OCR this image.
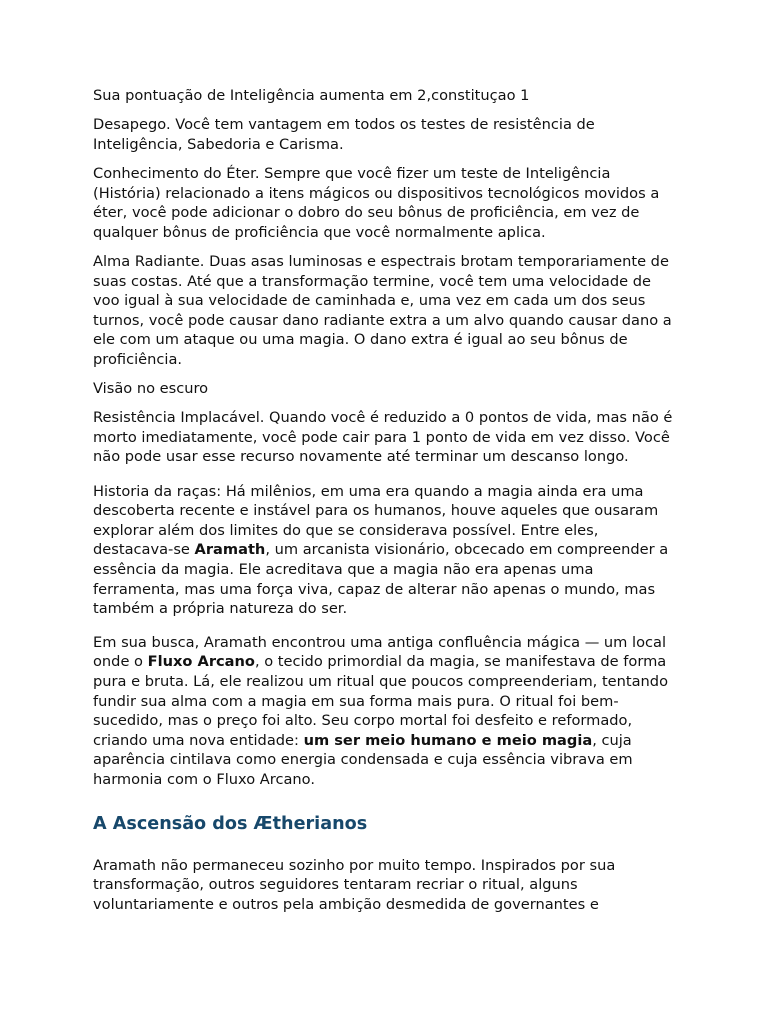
Sua pontuação de Inteligência aumenta em 2,constituçao 1

Desapego. Você tem vantagem em todos os testes de resistência de Inteligência, Sabedoria e Carisma.

Conhecimento do Éter. Sempre que você fizer um teste de Inteligência (História) relacionado a itens mágicos ou dispositivos tecnológicos movidos a éter, você pode adicionar o dobro do seu bônus de proficiência, em vez de qualquer bônus de proficiência que você normalmente aplica.

Alma Radiante. Duas asas luminosas e espectrais brotam temporariamente de suas costas. Até que a transformação termine, você tem uma velocidade de voo igual à sua velocidade de caminhada e, uma vez em cada um dos seus turnos, você pode causar dano radiante extra a um alvo quando causar dano a ele com um ataque ou uma magia. O dano extra é igual ao seu bônus de proficiência.

Visão no escuro

Resistência Implacável. Quando você é reduzido a 0 pontos de vida, mas não é morto imediatamente, você pode cair para 1 ponto de vida em vez disso. Você não pode usar esse recurso novamente até terminar um descanso longo.

Historia da raças: Há milênios, em uma era quando a magia ainda era uma descoberta recente e instável para os humanos, houve aqueles que ousaram explorar além dos limites do que se considerava possível. Entre eles, destacava-se Aramath, um arcanista visionário, obcecado em compreender a essência da magia. Ele acreditava que a magia não era apenas uma ferramenta, mas uma força viva, capaz de alterar não apenas o mundo, mas também a própria natureza do ser.

Em sua busca, Aramath encontrou uma antiga confluência mágica — um local onde o Fluxo Arcano, o tecido primordial da magia, se manifestava de forma pura e bruta. Lá, ele realizou um ritual que poucos compreenderiam, tentando fundir sua alma com a magia em sua forma mais pura. O ritual foi bem-sucedido, mas o preço foi alto. Seu corpo mortal foi desfeito e reformado, criando uma nova entidade: um ser meio humano e meio magia, cuja aparência cintilava como energia condensada e cuja essência vibrava em harmonia com o Fluxo Arcano.

A Ascensão dos Ætherianos

Aramath não permaneceu sozinho por muito tempo. Inspirados por sua transformação, outros seguidores tentaram recriar o ritual, alguns voluntariamente e outros pela ambição desmedida de governantes e
